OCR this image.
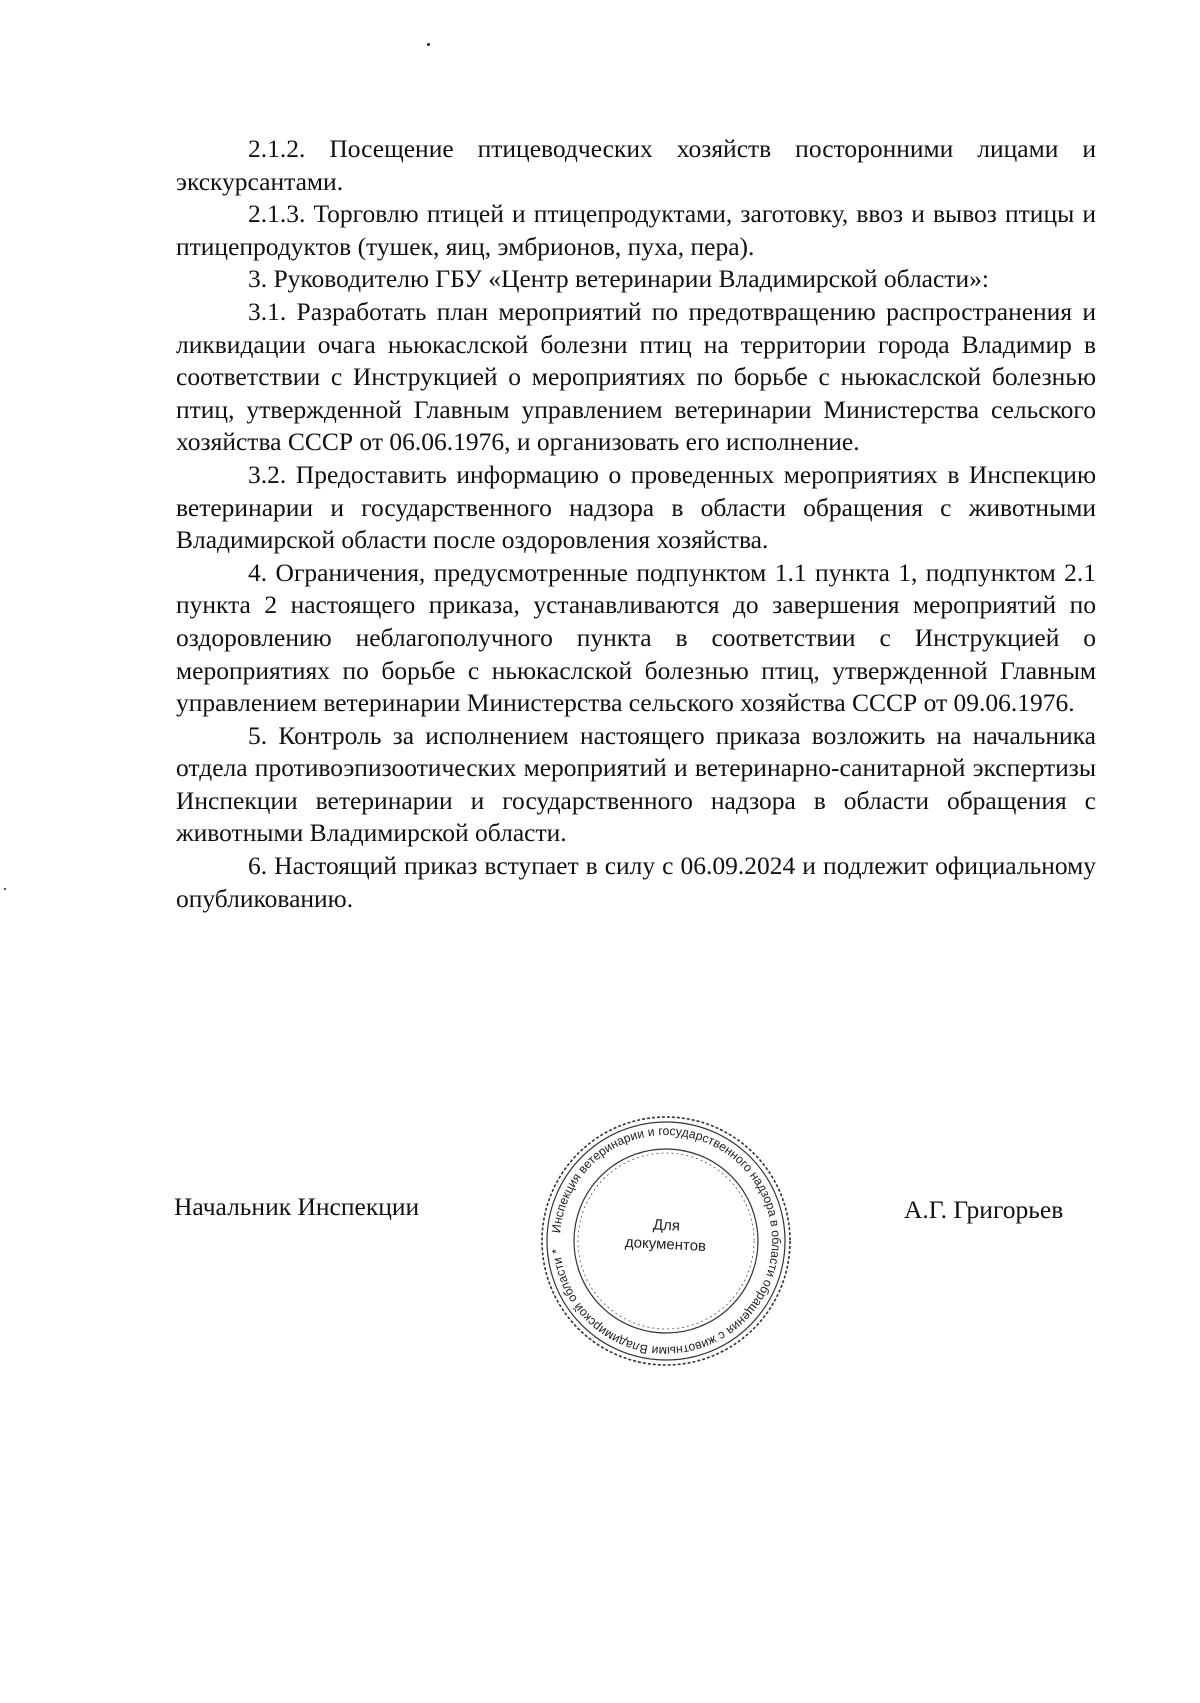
2.1.2. Посещение птицеводческих хозяйств посторонними лицами и экскурсантами.

2.1.3. Торговлю птицей и птицепродуктами, заготовку, ввоз и вывоз птицы и птицепродуктов (тушек, яиц, эмбрионов, пуха, пера).

3. Руководителю ГБУ «Центр ветеринарии Владимирской области»:

3.1. Разработать план мероприятий по предотвращению распространения и ликвидации очага ньюкаслской болезни птиц на территории города Владимир в соответствии с Инструкцией о мероприятиях по борьбе с ньюкаслской болезнью птиц, утвержденной Главным управлением ветеринарии Министерства сельского хозяйства СССР от 06.06.1976, и организовать его исполнение.

3.2. Предоставить информацию о проведенных мероприятиях в Инспекцию ветеринарии и государственного надзора в области обращения с животными Владимирской области после оздоровления хозяйства.

4. Ограничения, предусмотренные подпунктом 1.1 пункта 1, подпунктом 2.1 пункта 2 настоящего приказа, устанавливаются до завершения мероприятий по оздоровлению неблагополучного пункта в соответствии с Инструкцией о мероприятиях по борьбе с ньюкаслской болезнью птиц, утвержденной Главным управлением ветеринарии Министерства сельского хозяйства СССР от 09.06.1976.

5. Контроль за исполнением настоящего приказа возложить на начальника отдела противоэпизоотических мероприятий и ветеринарно-санитарной экспертизы Инспекции ветеринарии и государственного надзора в области обращения с животными Владимирской области.

6. Настоящий приказ вступает в силу с 06.09.2024 и подлежит официальному опубликованию.

Начальник Инспекции
Инспекция ветеринарии и государственного надзора в области обращения с животными Владимирской области *
Для
документов
А.Г. Григорьев
